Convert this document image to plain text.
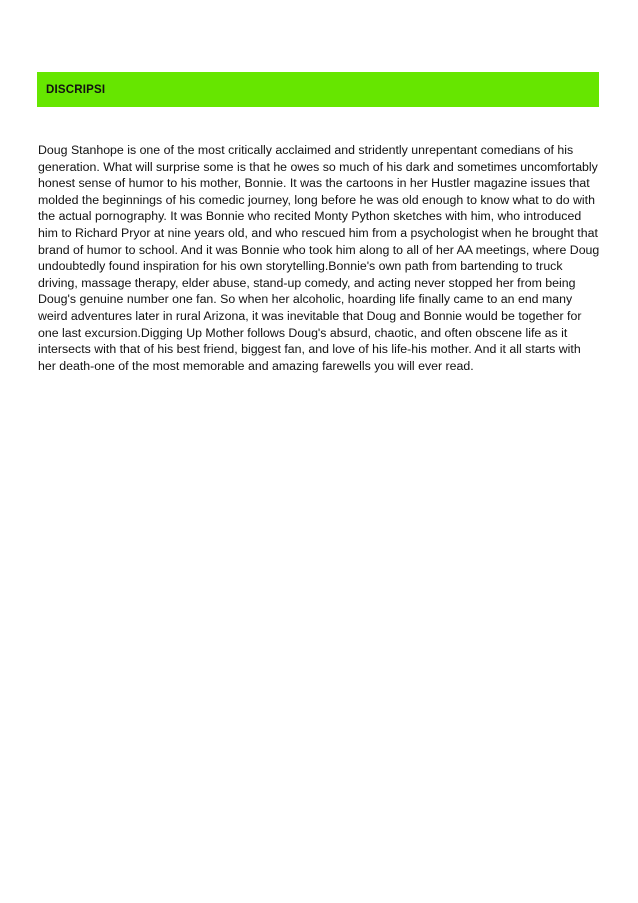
DISCRIPSI

Doug Stanhope is one of the most critically acclaimed and stridently unrepentant comedians of his generation. What will surprise some is that he owes so much of his dark and sometimes uncomfortably honest sense of humor to his mother, Bonnie. It was the cartoons in her Hustler magazine issues that molded the beginnings of his comedic journey, long before he was old enough to know what to do with the actual pornography. It was Bonnie who recited Monty Python sketches with him, who introduced him to Richard Pryor at nine years old, and who rescued him from a psychologist when he brought that brand of humor to school. And it was Bonnie who took him along to all of her AA meetings, where Doug undoubtedly found inspiration for his own storytelling.Bonnie's own path from bartending to truck driving, massage therapy, elder abuse, stand-up comedy, and acting never stopped her from being Doug's genuine number one fan. So when her alcoholic, hoarding life finally came to an end many weird adventures later in rural Arizona, it was inevitable that Doug and Bonnie would be together for one last excursion.Digging Up Mother follows Doug's absurd, chaotic, and often obscene life as it intersects with that of his best friend, biggest fan, and love of his life-his mother. And it all starts with her death-one of the most memorable and amazing farewells you will ever read.
